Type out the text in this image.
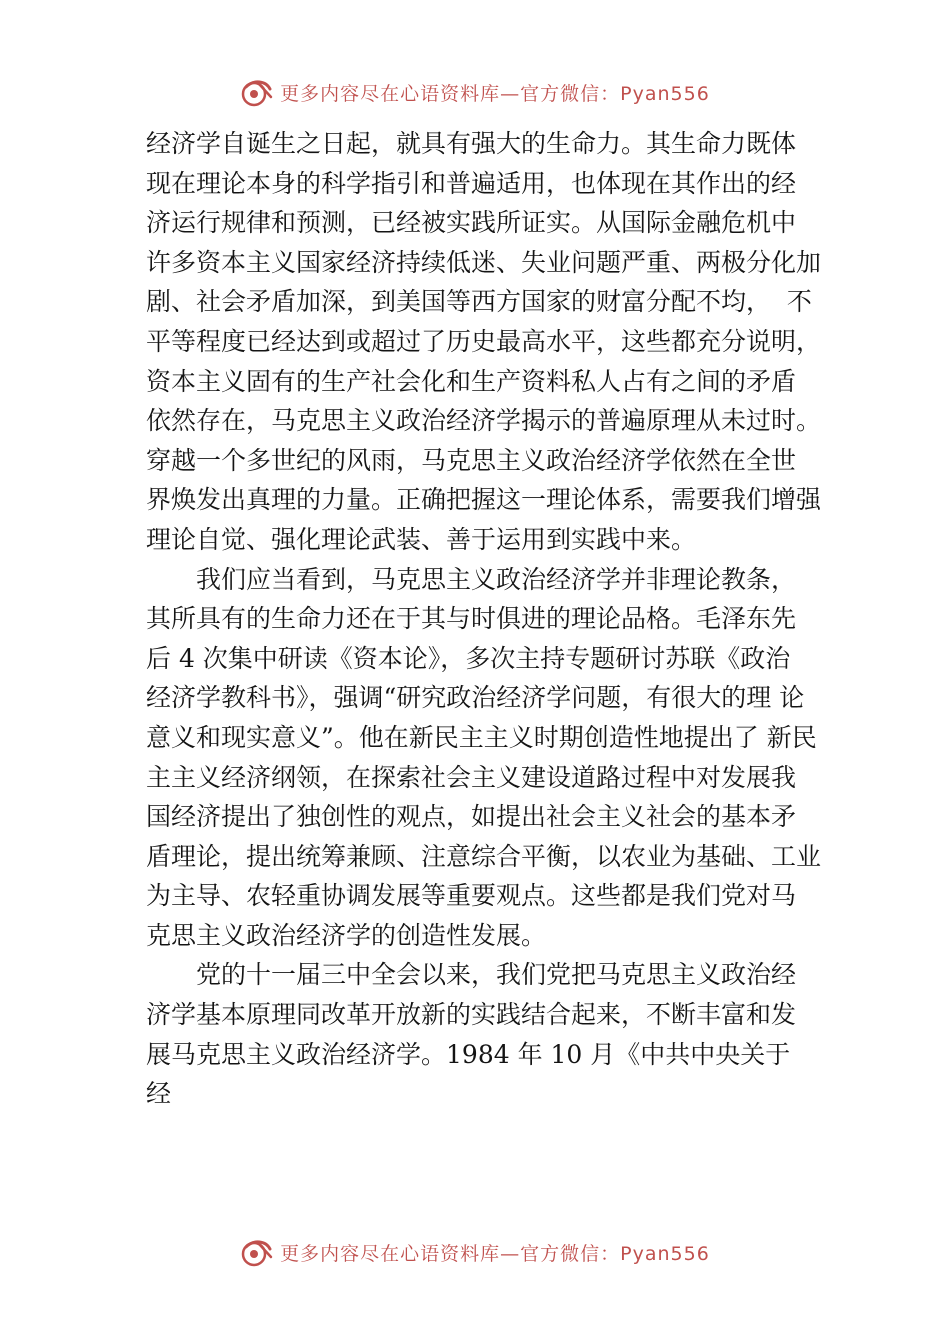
更多内容尽在心语资料库—官方微信：Pyan556
经济学自诞生之日起，就具有强大的生命力。其生命力既体
现在理论本身的科学指引和普遍适用，也体现在其作出的经
济运行规律和预测，已经被实践所证实。从国际金融危机中
许多资本主义国家经济持续低迷、失业问题严重、两极分化加
剧、社会矛盾加深，到美国等西方国家的财富分配不均，  不
平等程度已经达到或超过了历史最高水平，这些都充分说明，
资本主义固有的生产社会化和生产资料私人占有之间的矛盾
依然存在，马克思主义政治经济学揭示的普遍原理从未过时。
穿越一个多世纪的风雨，马克思主义政治经济学依然在全世
界焕发出真理的力量。正确把握这一理论体系，需要我们增强
理论自觉、强化理论武装、善于运用到实践中来。
我们应当看到，马克思主义政治经济学并非理论教条，
其所具有的生命力还在于其与时俱进的理论品格。毛泽东先
后 4 次集中研读《资本论》，多次主持专题研讨苏联《政治
经济学教科书》，强调“研究政治经济学问题，有很大的理 论
意义和现实意义”。他在新民主主义时期创造性地提出了 新民
主主义经济纲领，在探索社会主义建设道路过程中对发展我
国经济提出了独创性的观点，如提出社会主义社会的基本矛
盾理论，提出统筹兼顾、注意综合平衡，以农业为基础、工业
为主导、农轻重协调发展等重要观点。这些都是我们党对马
克思主义政治经济学的创造性发展。
党的十一届三中全会以来，我们党把马克思主义政治经
济学基本原理同改革开放新的实践结合起来，不断丰富和发
展马克思主义政治经济学。1984 年 10 月《中共中央关于
经
更多内容尽在心语资料库—官方微信：Pyan556
